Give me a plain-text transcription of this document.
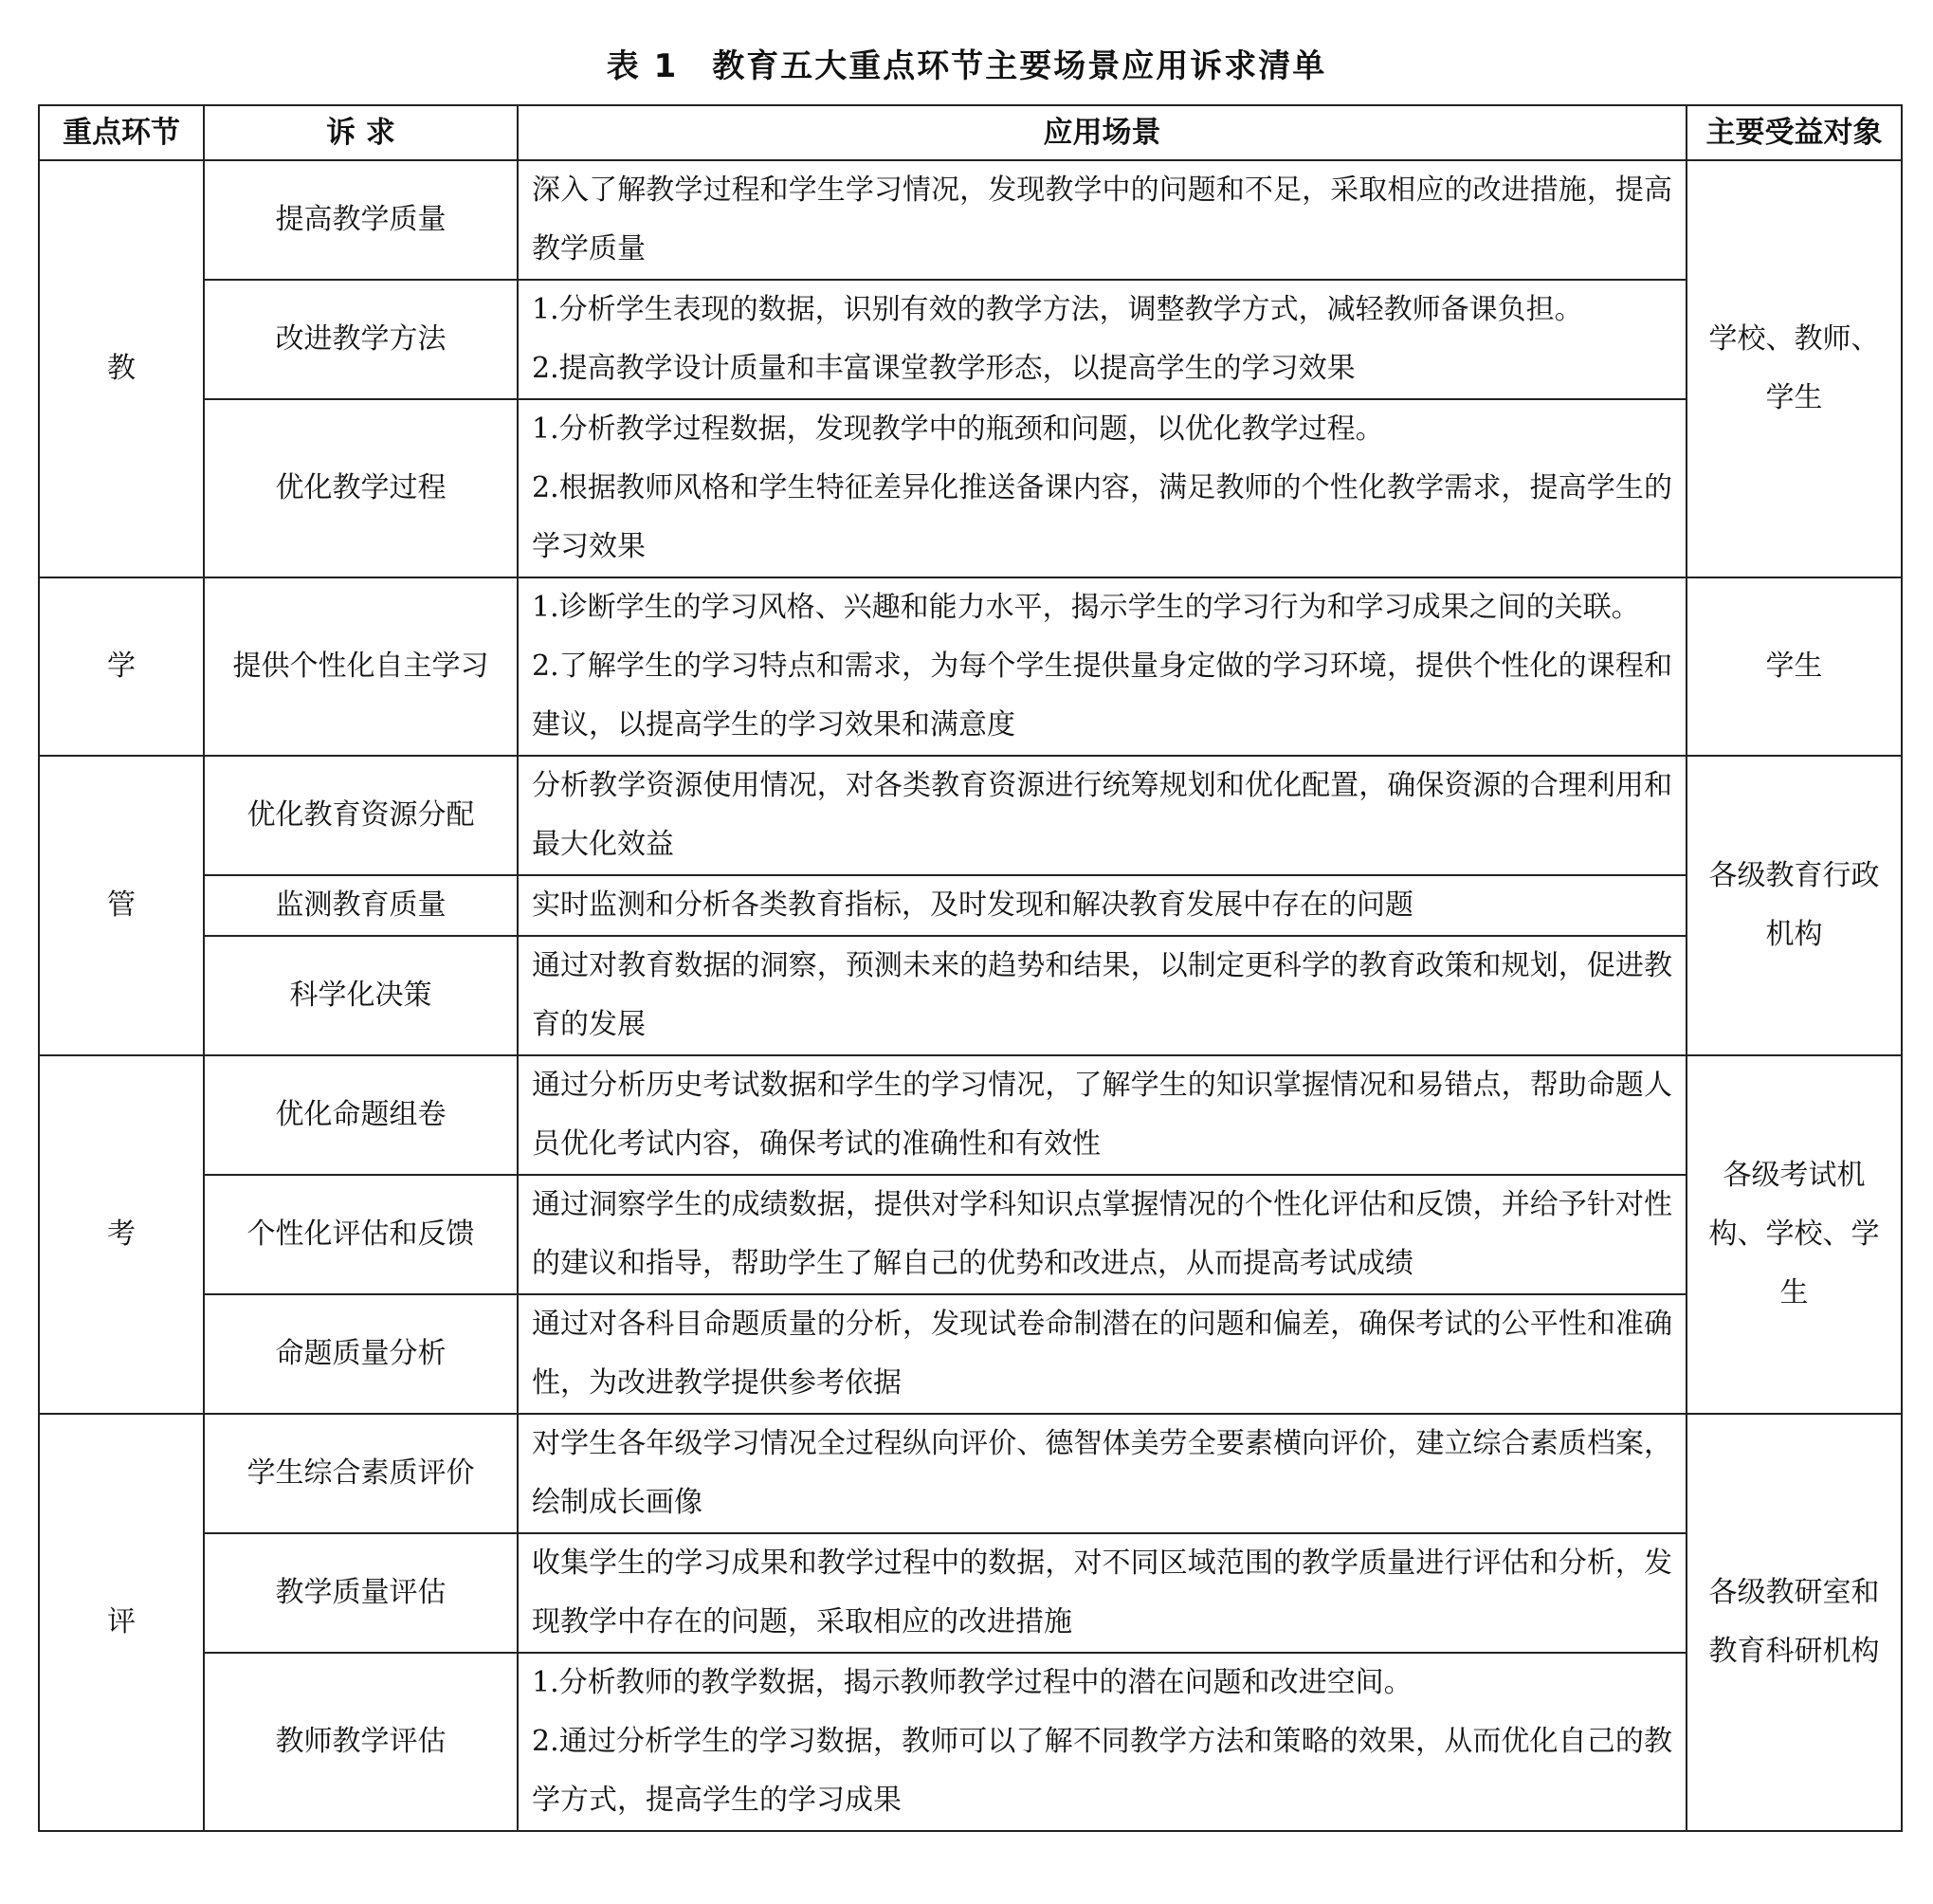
表 1　教育五大重点环节主要场景应用诉求清单
重点环节	诉 求	应用场景	主要受益对象
教	提高教学质量	深入了解教学过程和学生学习情况，发现教学中的问题和不足，采取相应的改进措施，提高教学质量	学校、教师、学生
	改进教学方法	1.分析学生表现的数据，识别有效的教学方法，调整教学方式，减轻教师备课负担。
2.提高教学设计质量和丰富课堂教学形态，以提高学生的学习效果	

	优化教学过程	1.分析教学过程数据，发现教学中的瓶颈和问题，以优化教学过程。
2.根据教师风格和学生特征差异化推送备课内容，满足教师的个性化教学需求，提高学生的学习效果	

学	提供个性化自主学习	1.诊断学生的学习风格、兴趣和能力水平，揭示学生的学习行为和学习成果之间的关联。
2.了解学生的学习特点和需求，为每个学生提供量身定做的学习环境，提供个性化的课程和建议，以提高学生的学习效果和满意度	学生
管	优化教育资源分配	分析教学资源使用情况，对各类教育资源进行统筹规划和优化配置，确保资源的合理利用和最大化效益	各级教育行政机构
	监测教育质量	实时监测和分析各类教育指标，及时发现和解决教育发展中存在的问题	

	科学化决策	通过对教育数据的洞察，预测未来的趋势和结果，以制定更科学的教育政策和规划，促进教育的发展	

考	优化命题组卷	通过分析历史考试数据和学生的学习情况，了解学生的知识掌握情况和易错点，帮助命题人员优化考试内容，确保考试的准确性和有效性	各级考试机构、学校、学生
	个性化评估和反馈	通过洞察学生的成绩数据，提供对学科知识点掌握情况的个性化评估和反馈，并给予针对性的建议和指导，帮助学生了解自己的优势和改进点，从而提高考试成绩	

	命题质量分析	通过对各科目命题质量的分析，发现试卷命制潜在的问题和偏差，确保考试的公平性和准确性，为改进教学提供参考依据	

评	学生综合素质评价	对学生各年级学习情况全过程纵向评价、德智体美劳全要素横向评价，建立综合素质档案，绘制成长画像	各级教研室和教育科研机构
	教学质量评估	收集学生的学习成果和教学过程中的数据，对不同区域范围的教学质量进行评估和分析，发现教学中存在的问题，采取相应的改进措施	

	教师教学评估	1.分析教师的教学数据，揭示教师教学过程中的潜在问题和改进空间。
2.通过分析学生的学习数据，教师可以了解不同教学方法和策略的效果，从而优化自己的教学方式，提高学生的学习成果	
